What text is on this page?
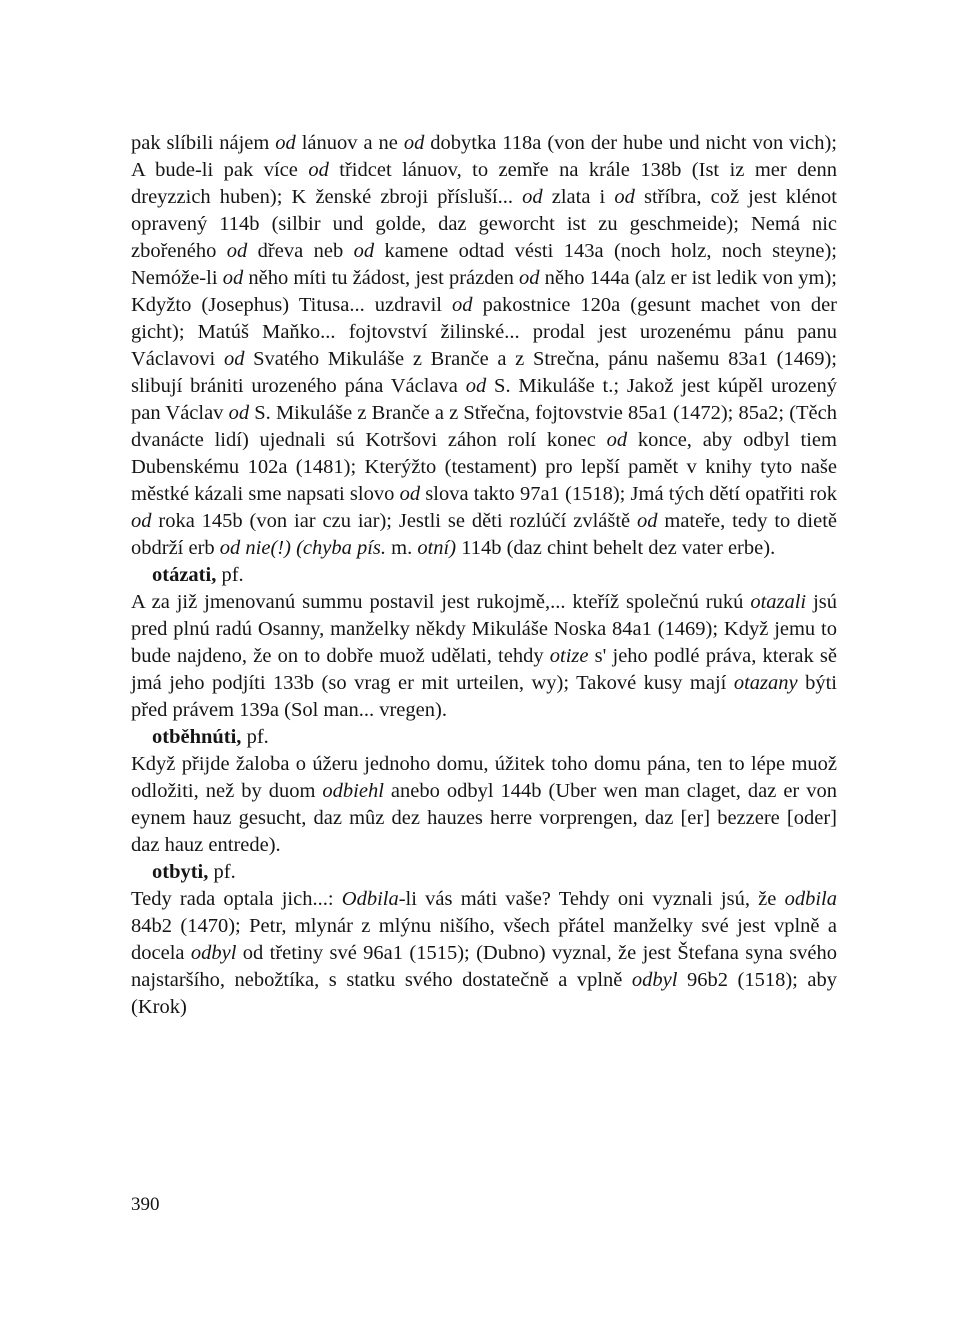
pak slíbili nájem od lánuov a ne od dobytka 118a (von der hube und nicht von vich); A bude-li pak více od třidcet lánuov, to zemře na krále 138b (Ist iz mer denn dreyzzich huben); K ženské zbroji přísluší... od zlata i od stříbra, což jest klénot opravený 114b (silbir und golde, daz geworcht ist zu geschmeide); Nemá nic zbořeného od dřeva neb od kamene odtad vésti 143a (noch holz, noch steyne); Nemóže-li od něho míti tu žádost, jest prázden od něho 144a (alz er ist ledik von ym); Kdyžto (Josephus) Titusa... uzdravil od pakostnice 120a (gesunt machet von der gicht); Matúš Maňko... fojtovství žilinské... prodal jest urozenému pánu panu Václavovi od Svatého Mikuláše z Branče a z Strečna, pánu našemu 83a1 (1469); slibují brániti urozeného pána Václava od S. Mikuláše t.; Jakož jest kúpěl urozený pan Václav od S. Mikuláše z Branče a z Střečna, fojtovstvie 85a1 (1472); 85a2; (Těch dvanácte lidí) ujednali sú Kotršovi záhon rolí konec od konce, aby odbyl tiem Dubenskému 102a (1481); Kterýžto (testament) pro lepší pamět v knihy tyto naše městké kázali sme napsati slovo od slova takto 97a1 (1518); Jmá tých dětí opatřiti rok od roka 145b (von iar czu iar); Jestli se děti rozlúčí zvláště od mateře, tedy to dietě obdrží erb od nie(!) (chyba pís. m. otní) 114b (daz chint behelt dez vater erbe).

otázati, pf.

A za již jmenovanú summu postavil jest rukojmě,... kteříž společnú rukú otazali jsú pred plnú radú Osanny, manželky někdy Mikuláše Noska 84a1 (1469); Když jemu to bude najdeno, že on to dobře muož udělati, tehdy otize s' jeho podlé práva, kterak sě jmá jeho podjíti 133b (so vrag er mit urteilen, wy); Takové kusy mají otazany býti před právem 139a (Sol man... vregen).

otběhnúti, pf.

Když přijde žaloba o úžeru jednoho domu, úžitek toho domu pána, ten to lépe muož odložiti, než by duom odbiehl anebo odbyl 144b (Uber wen man claget, daz er von eynem hauz gesucht, daz mûz dez hauzes herre vorprengen, daz [er] bezzere [oder] daz hauz entrede).

otbyti, pf.

Tedy rada optala jich...: Odbila-li vás máti vaše? Tehdy oni vyznali jsú, že odbila 84b2 (1470); Petr, mlynár z mlýnu nišího, všech přátel manželky své jest vplně a docela odbyl od třetiny své 96a1 (1515); (Dubno) vyznal, že jest Štefana syna svého najstaršího, nebožtíka, s statku svého dostatečně a vplně odbyl 96b2 (1518); aby (Krok)

390
